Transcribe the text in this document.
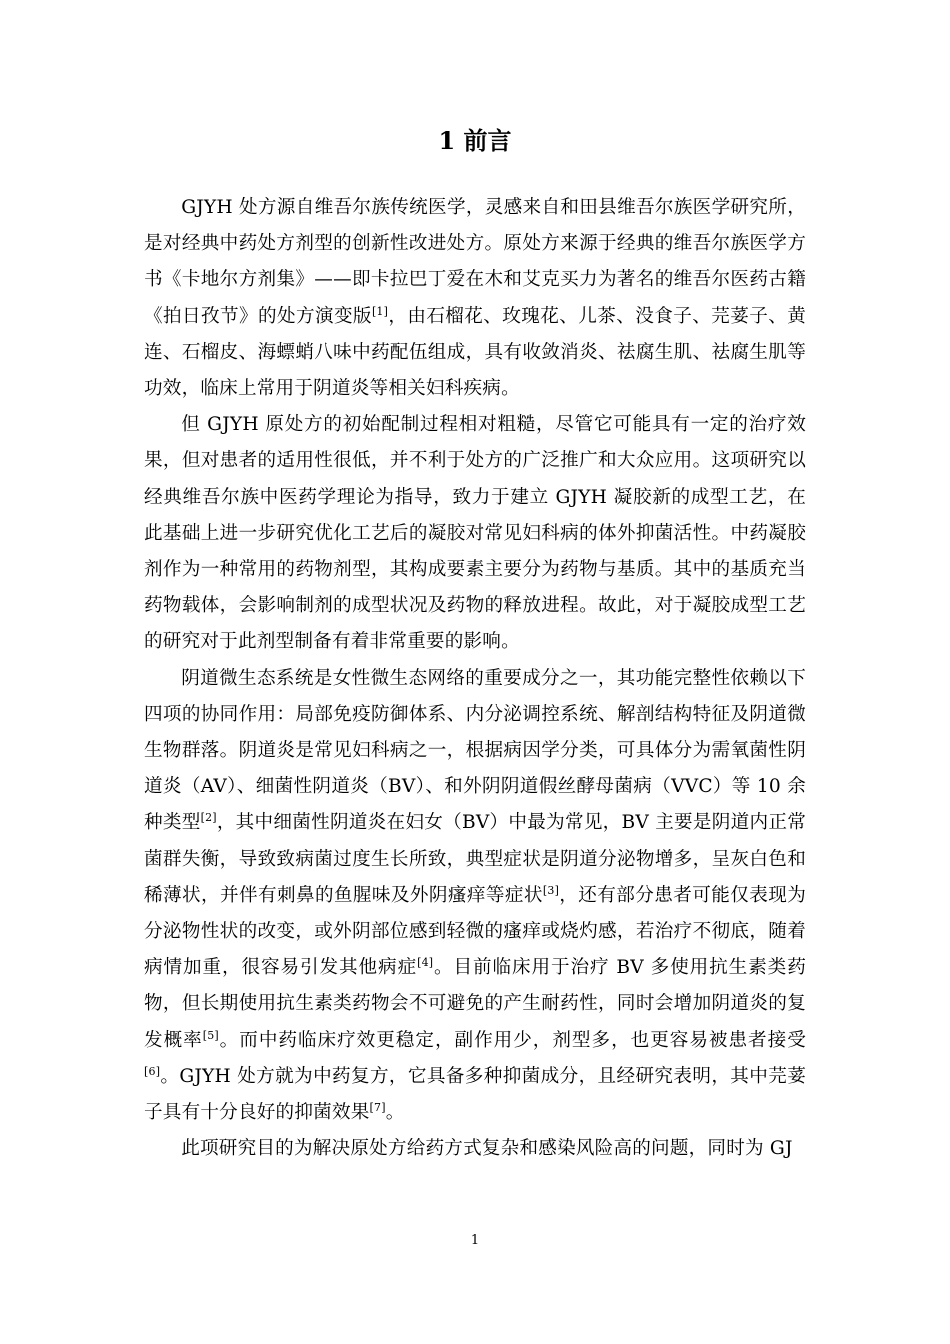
1 前言

GJYH 处方源自维吾尔族传统医学，灵感来自和田县维吾尔族医学研究所，是对经典中药处方剂型的创新性改进处方。原处方来源于经典的维吾尔族医学方书《卡地尔方剂集》——即卡拉巴丁爱在木和艾克买力为著名的维吾尔医药古籍《拍日孜节》的处方演变版[1]，由石榴花、玫瑰花、儿茶、没食子、芫荽子、黄连、石榴皮、海螵蛸八味中药配伍组成，具有收敛消炎、祛腐生肌、祛腐生肌等功效，临床上常用于阴道炎等相关妇科疾病。

但 GJYH 原处方的初始配制过程相对粗糙，尽管它可能具有一定的治疗效果，但对患者的适用性很低，并不利于处方的广泛推广和大众应用。这项研究以经典维吾尔族中医药学理论为指导，致力于建立 GJYH 凝胶新的成型工艺，在此基础上进一步研究优化工艺后的凝胶对常见妇科病的体外抑菌活性。中药凝胶剂作为一种常用的药物剂型，其构成要素主要分为药物与基质。其中的基质充当药物载体，会影响制剂的成型状况及药物的释放进程。故此，对于凝胶成型工艺的研究对于此剂型制备有着非常重要的影响。

阴道微生态系统是女性微生态网络的重要成分之一，其功能完整性依赖以下四项的协同作用：局部免疫防御体系、内分泌调控系统、解剖结构特征及阴道微生物群落。阴道炎是常见妇科病之一，根据病因学分类，可具体分为需氧菌性阴道炎（AV）、细菌性阴道炎（BV）、和外阴阴道假丝酵母菌病（VVC）等 10 余种类型[2]，其中细菌性阴道炎在妇女（BV）中最为常见，BV 主要是阴道内正常菌群失衡，导致致病菌过度生长所致，典型症状是阴道分泌物增多，呈灰白色和稀薄状，并伴有刺鼻的鱼腥味及外阴瘙痒等症状[3]，还有部分患者可能仅表现为分泌物性状的改变，或外阴部位感到轻微的瘙痒或烧灼感，若治疗不彻底，随着病情加重，很容易引发其他病症[4]。目前临床用于治疗 BV 多使用抗生素类药物，但长期使用抗生素类药物会不可避免的产生耐药性，同时会增加阴道炎的复发概率[5]。而中药临床疗效更稳定，副作用少，剂型多，也更容易被患者接受[6]。GJYH 处方就为中药复方，它具备多种抑菌成分，且经研究表明，其中芫荽子具有十分良好的抑菌效果[7]。

此项研究目的为解决原处方给药方式复杂和感染风险高的问题，同时为 GJ

1
